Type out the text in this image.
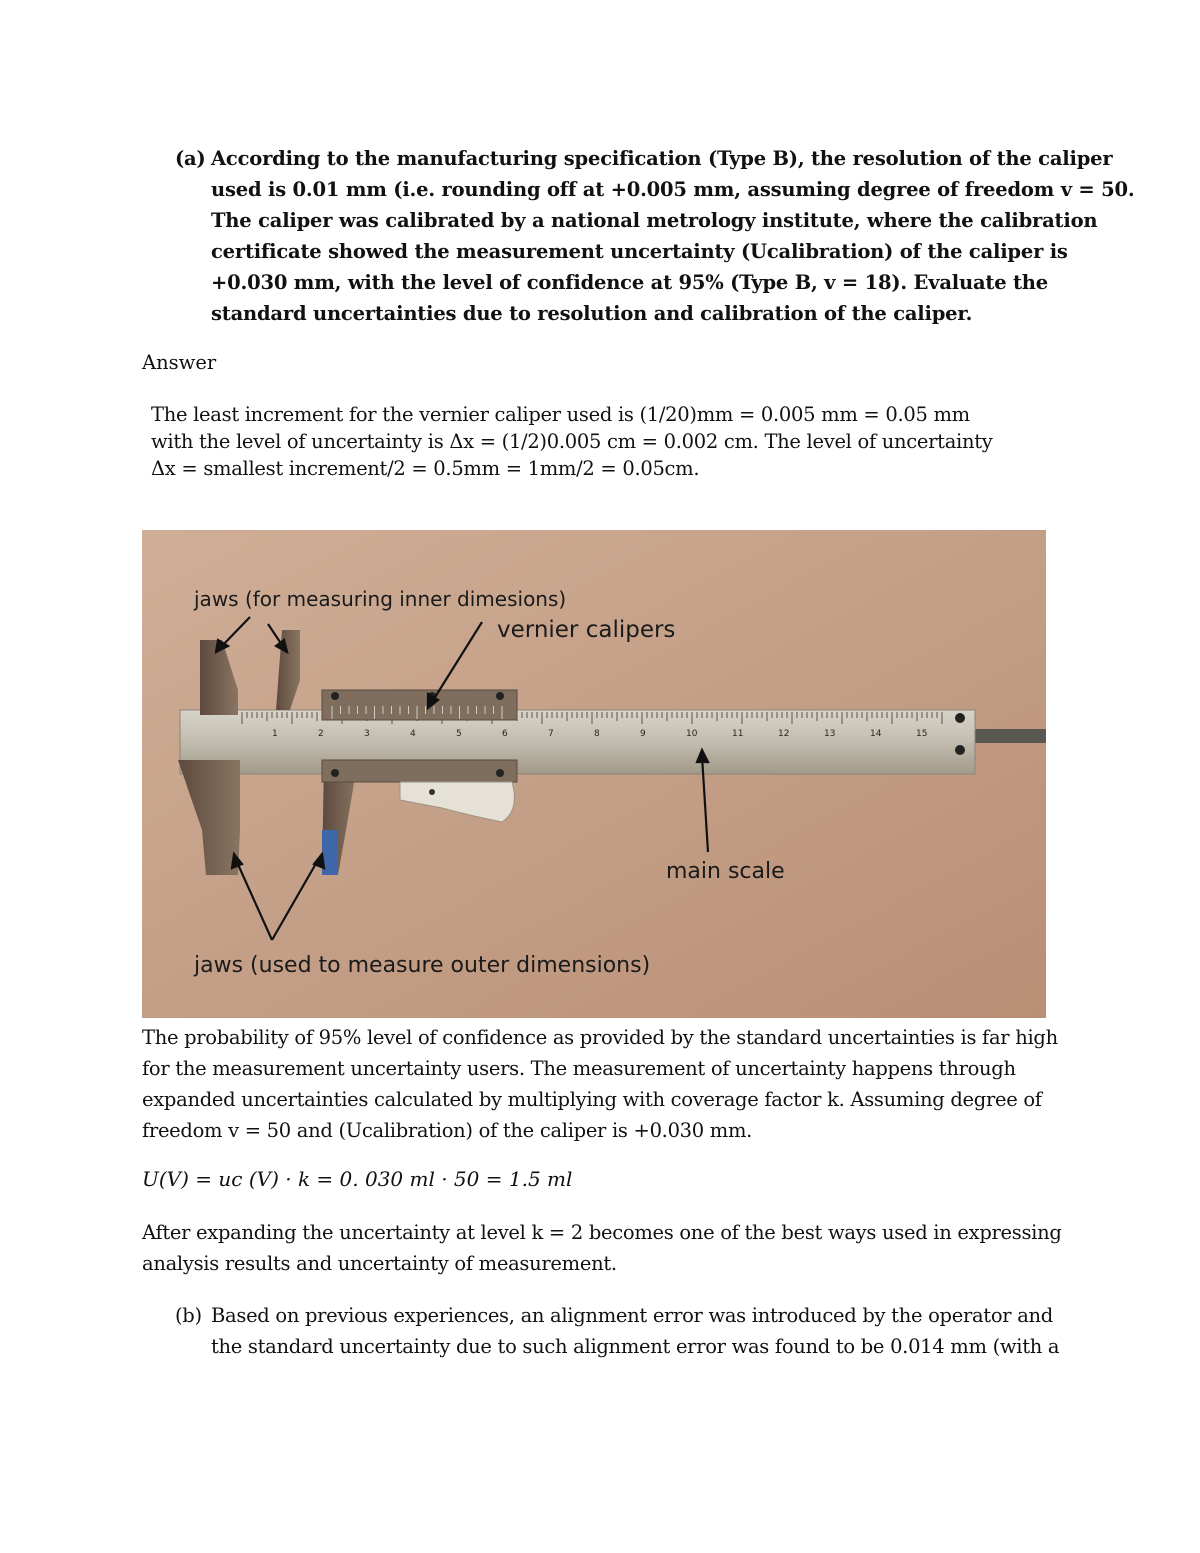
(a) According to the manufacturing specification (Type B), the resolution of the caliper
used is 0.01 mm (i.e. rounding off at +0.005 mm, assuming degree of freedom v = 50.
The caliper was calibrated by a national metrology institute, where the calibration
certificate showed the measurement uncertainty (Ucalibration) of the caliper is
+0.030 mm, with the level of confidence at 95% (Type B, v = 18). Evaluate the
standard uncertainties due to resolution and calibration of the caliper.
Answer
The least increment for the vernier caliper used is (1/20)mm = 0.005 mm = 0.05 mm
with the level of uncertainty is Δx = (1/2)0.005 cm = 0.002 cm. The level of uncertainty
Δx = smallest increment/2 = 0.5mm = 1mm/2 = 0.05cm.
1	2	3	4	5	6	7	8	9	10	11	12	13	14	15
jaws (for measuring inner dimesions)
vernier calipers
main scale
jaws (used to measure outer dimensions)
The probability of 95% level of confidence as provided by the standard uncertainties is far high
for the measurement uncertainty users. The measurement of uncertainty happens through
expanded uncertainties calculated by multiplying with coverage factor k. Assuming degree of
freedom v = 50 and (Ucalibration) of the caliper is +0.030 mm.
U(V) = uc (V) · k = 0. 030 ml · 50 = 1.5 ml
After expanding the uncertainty at level k = 2 becomes one of the best ways used in expressing
analysis results and uncertainty of measurement.
(b) Based on previous experiences, an alignment error was introduced by the operator and
the standard uncertainty due to such alignment error was found to be 0.014 mm (with a
